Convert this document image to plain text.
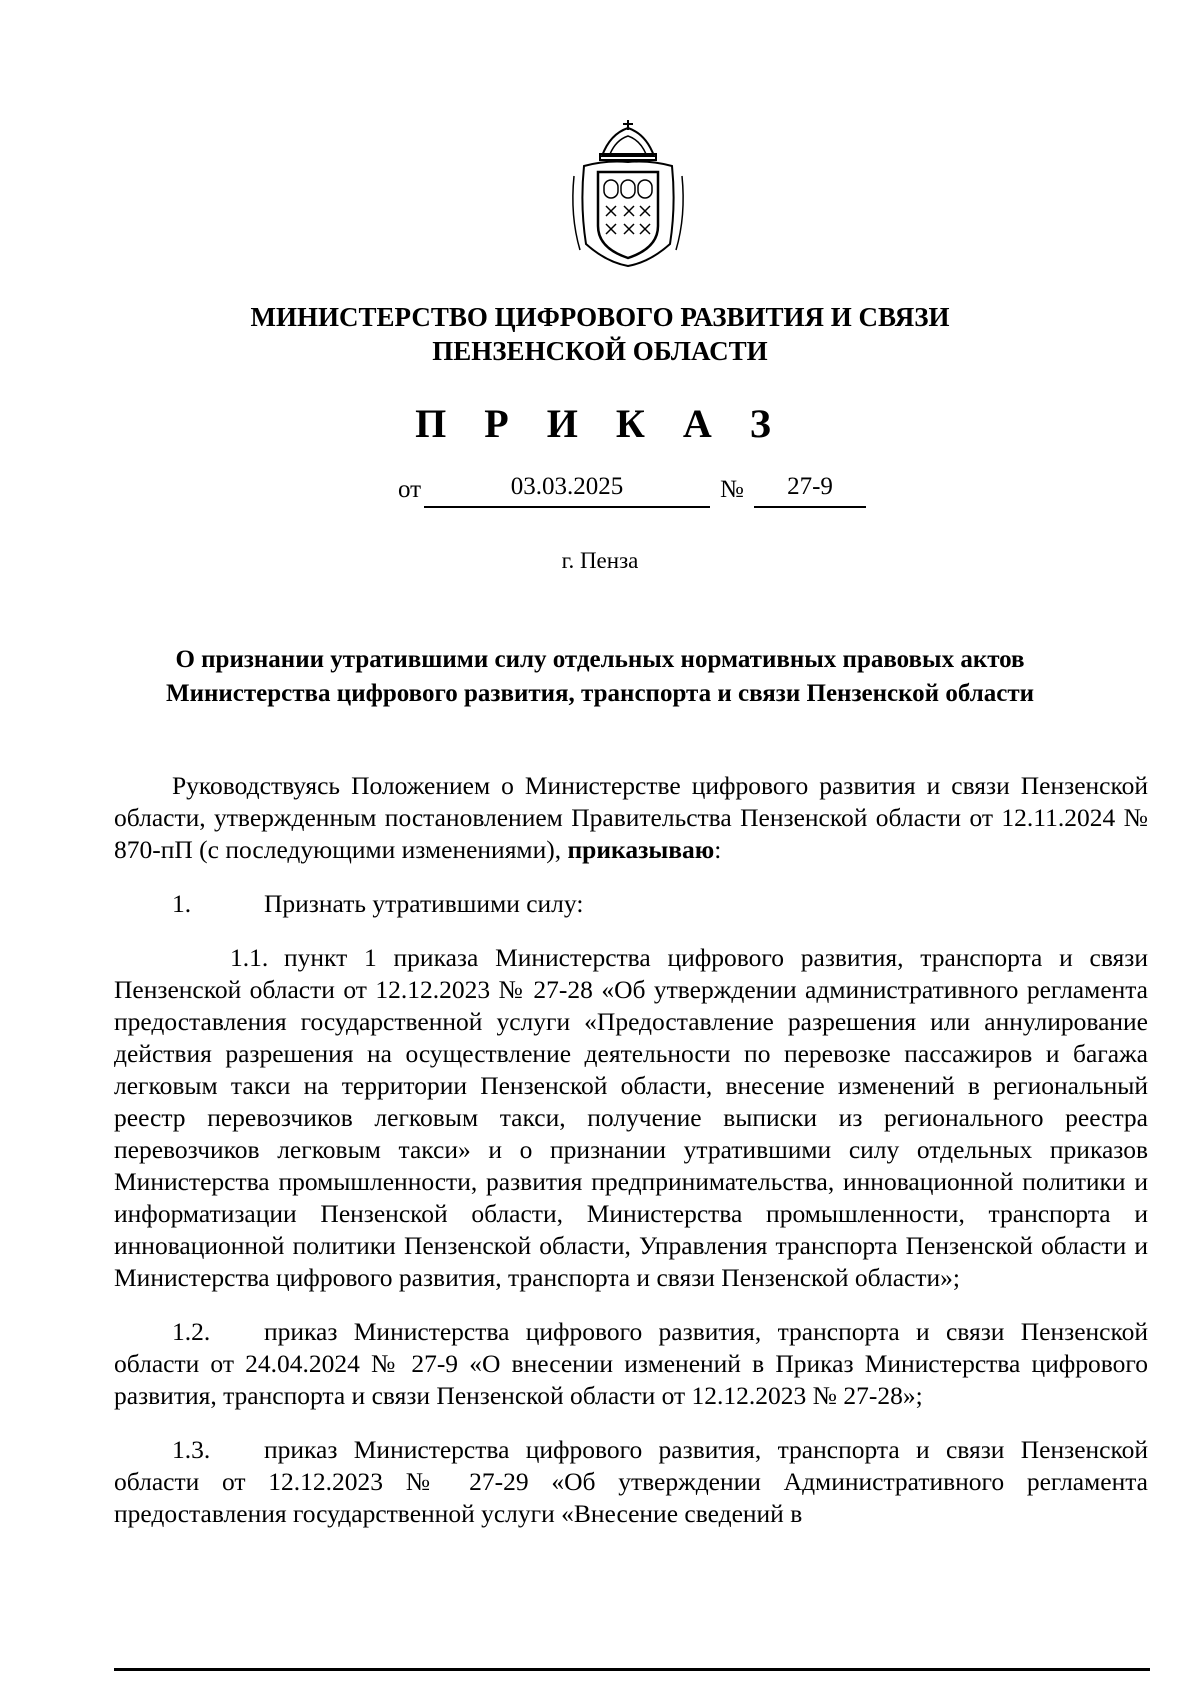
МИНИСТЕРСТВО ЦИФРОВОГО РАЗВИТИЯ И СВЯЗИ
ПЕНЗЕНСКОЙ ОБЛАСТИ
П Р И К А З
от	03.03.2025	№	27-9
г. Пенза
О признании утратившими силу отдельных нормативных правовых актов
Министерства цифрового развития, транспорта и связи Пензенской области

Руководствуясь Положением о Министерстве цифрового развития и связи Пензенской области, утвержденным постановлением Правительства Пензенской области от 12.11.2024 № 870-пП (с последующими изменениями), приказываю:

1.	Признать утратившими силу:

1.1. пункт 1 приказа Министерства цифрового развития, транспорта и связи Пензенской области от 12.12.2023 № 27-28 «Об утверждении административного регламента предоставления государственной услуги «Предоставление разрешения или аннулирование действия разрешения на осуществление деятельности по перевозке пассажиров и багажа легковым такси на территории Пензенской области, внесение изменений в региональный реестр перевозчиков легковым такси, получение выписки из регионального реестра перевозчиков легковым такси» и о признании утратившими силу отдельных приказов Министерства промышленности, развития предпринимательства, инновационной политики и информатизации Пензенской области, Министерства промышленности, транспорта и инновационной политики Пензенской области, Управления транспорта Пензенской области и Министерства цифрового развития, транспорта и связи Пензенской области»;

1.2. приказ Министерства цифрового развития, транспорта и связи Пензенской области от 24.04.2024 № 27-9 «О внесении изменений в Приказ Министерства цифрового развития, транспорта и связи Пензенской области от 12.12.2023 № 27-28»;

1.3. приказ Министерства цифрового развития, транспорта и связи Пензенской области от 12.12.2023 № 27-29 «Об утверждении Административного регламента предоставления государственной услуги «Внесение сведений в
